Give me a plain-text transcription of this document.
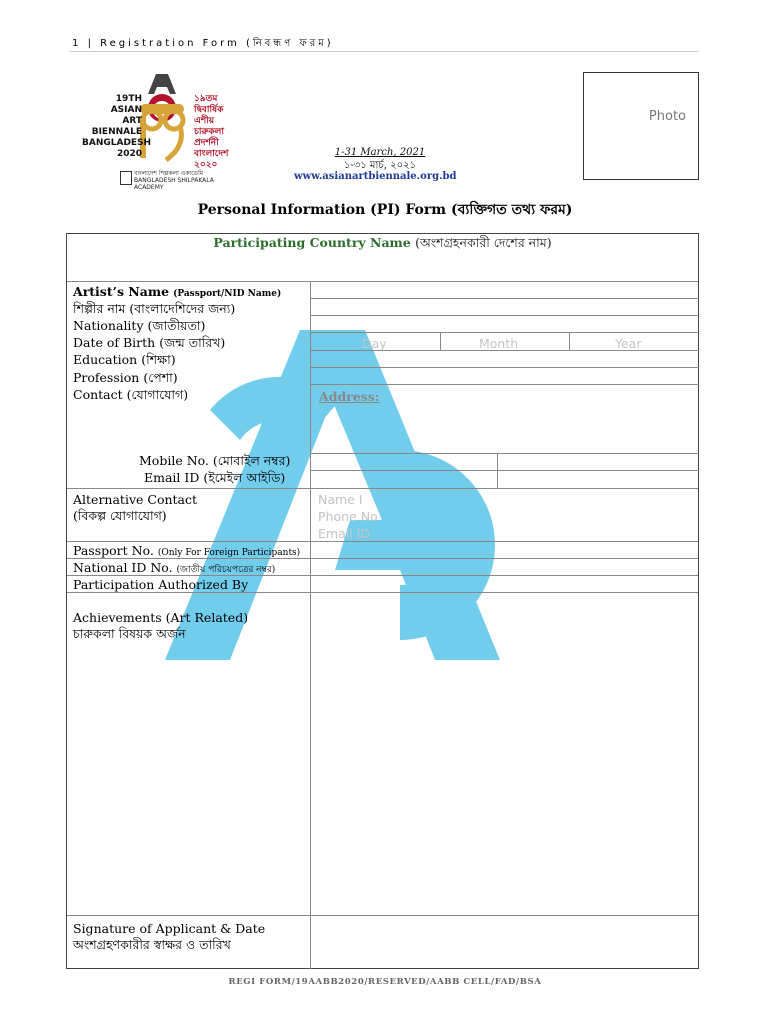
1 | Registration Form (নিবন্ধণ ফরম)
Photo
19TH
ASIAN
ART BIENNALE
BANGLADESH
2020
১৯তম
দ্বিবার্ষিক এশীয়
চারুকলা প্রদর্শনী
বাংলাদেশ
২০২০
বাংলাদেশ শিল্পকলা একাডেমি
BANGLADESH SHILPAKALA ACADEMY
1-31 March, 2021
১-৩১ মার্চ, ২০২১
www.asianartbiennale.org.bd
Personal Information (PI) Form (ব্যক্তিগত তথ্য ফরম)
Participating Country Name (অংশগ্রহনকারী দেশের নাম)
Artist’s Name (Passport/NID Name)
শিল্পীর নাম (বাংলাদেশিদের জন্য)
Nationality (জাতীয়তা)
Date of Birth (জন্ম তারিখ)
Education (শিক্ষা)
Profession (পেশা)
Contact (যোগাযোগ)
Mobile No. (মোবাইল নম্বর)
Email ID (ইমেইল আইডি)
Alternative Contact
(বিকল্প যোগাযোগ)
Passport No. (Only For Foreign Participants)
National ID No. (জাতীয় পরিচয়পত্রের নম্বর)
Participation Authorized By
Achievements (Art Related)
চারুকলা বিষয়ক অর্জন
Signature of Applicant & Date
অংশগ্রহণকারীর স্বাক্ষর ও তারিখ
Day	Month	Year
Address:
Name I
Phone No
Email ID
REGI FORM/19AABB2020/RESERVED/AABB CELL/FAD/BSA
